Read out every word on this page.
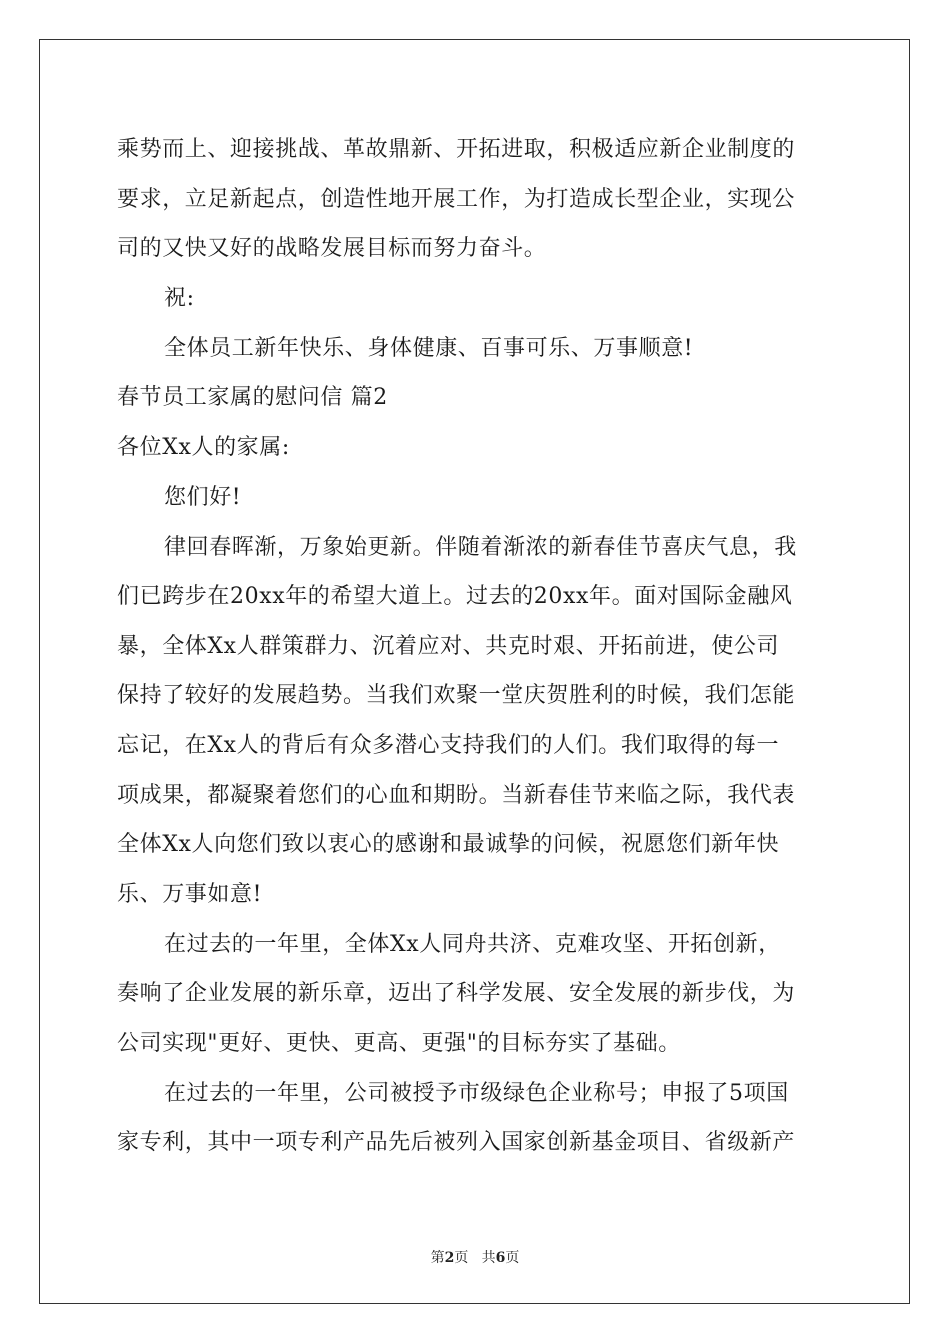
乘势而上、迎接挑战、革故鼎新、开拓进取，积极适应新企业制度的
要求，立足新起点，创造性地开展工作，为打造成长型企业，实现公
司的又快又好的战略发展目标而努力奋斗。
祝:
全体员工新年快乐、身体健康、百事可乐、万事顺意!
春节员工家属的慰问信 篇2
各位Xx人的家属:
您们好!
律回春晖渐，万象始更新。伴随着渐浓的新春佳节喜庆气息，我
们已跨步在20xx年的希望大道上。过去的20xx年。面对国际金融风
暴，全体Xx人群策群力、沉着应对、共克时艰、开拓前进，使公司
保持了较好的发展趋势。当我们欢聚一堂庆贺胜利的时候，我们怎能
忘记，在Xx人的背后有众多潜心支持我们的人们。我们取得的每一
项成果，都凝聚着您们的心血和期盼。当新春佳节来临之际，我代表
全体Xx人向您们致以衷心的感谢和最诚挚的问候，祝愿您们新年快
乐、万事如意!
在过去的一年里，全体Xx人同舟共济、克难攻坚、开拓创新，
奏响了企业发展的新乐章，迈出了科学发展、安全发展的新步伐，为
公司实现"更好、更快、更高、更强"的目标夯实了基础。
在过去的一年里，公司被授予市级绿色企业称号；申报了5项国
家专利，其中一项专利产品先后被列入国家创新基金项目、省级新产
第2页 共6页
